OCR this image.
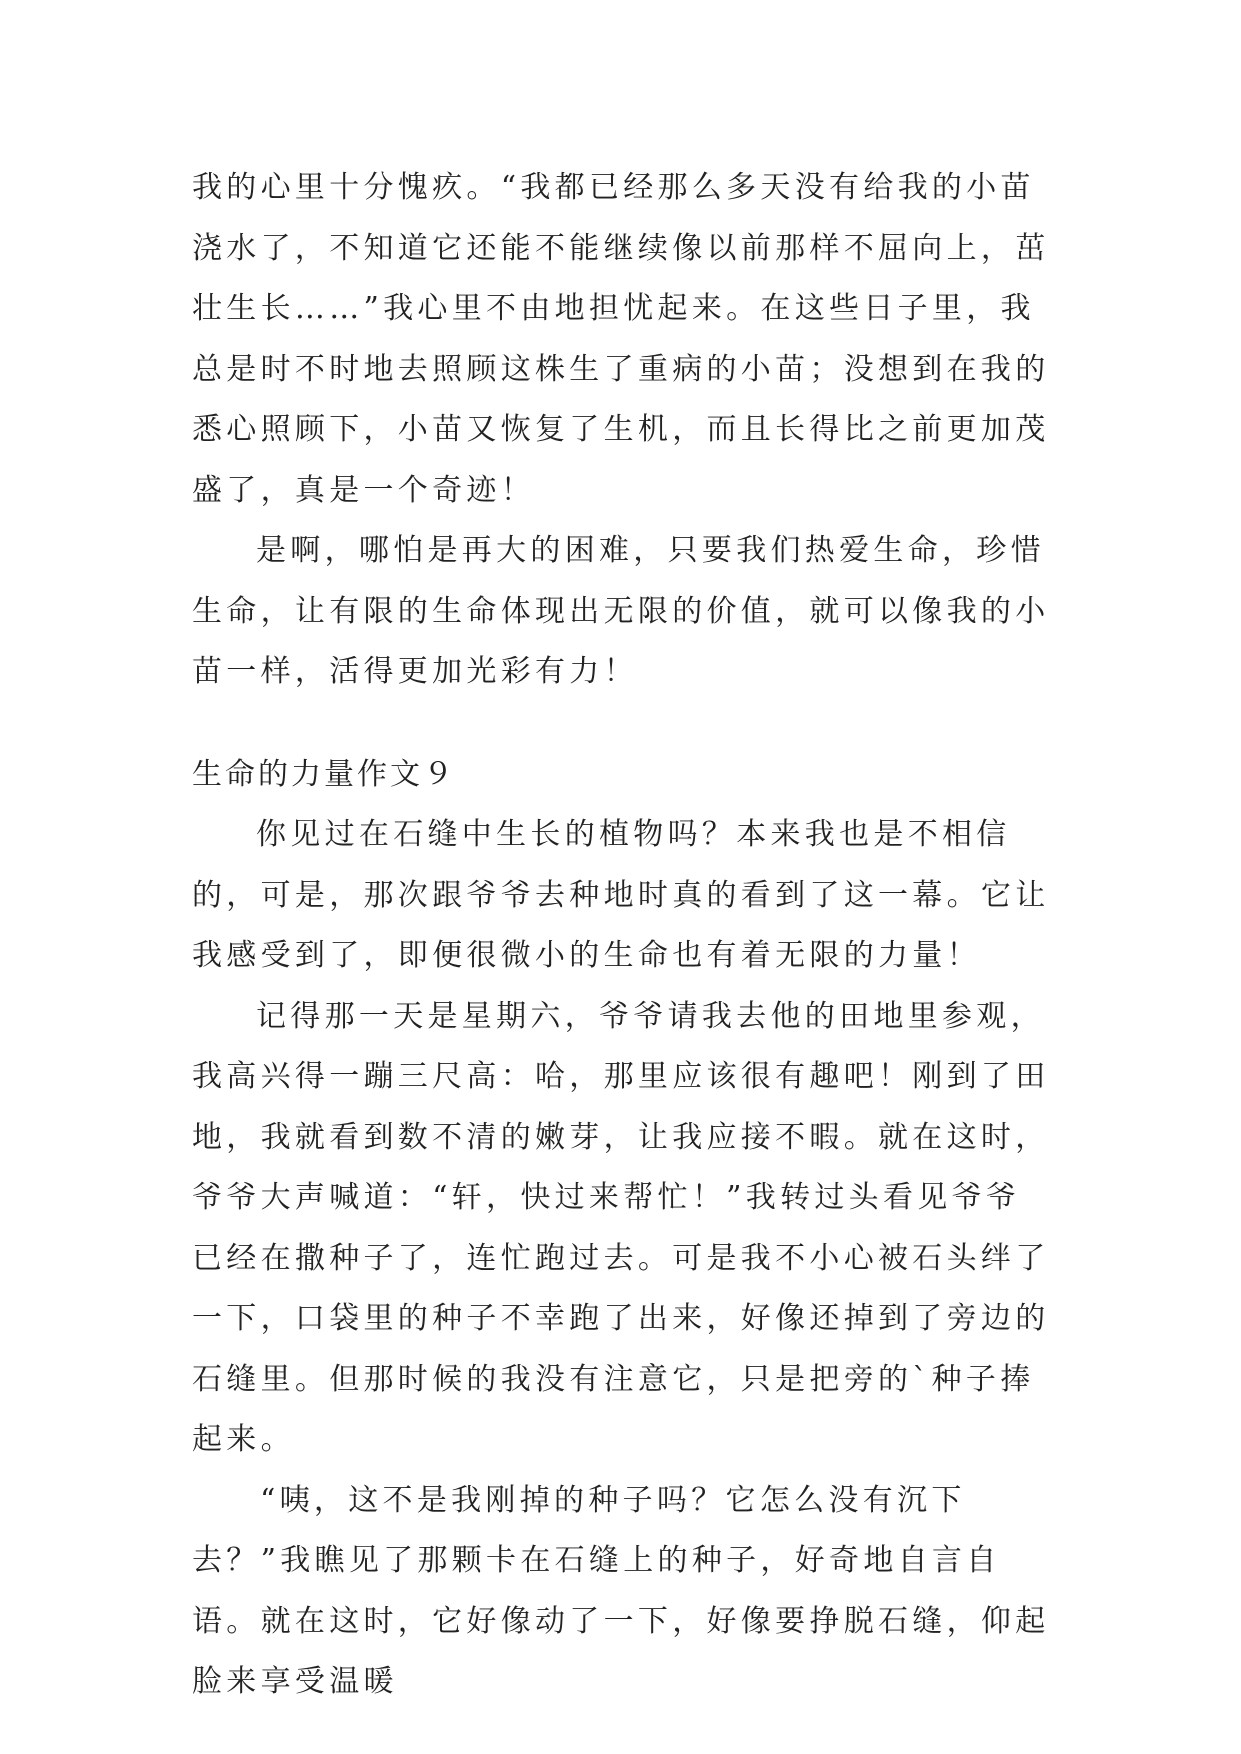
我的心里十分愧疚。“我都已经那么多天没有给我的小苗浇水了，不知道它还能不能继续像以前那样不屈向上，茁壮生长……”我心里不由地担忧起来。在这些日子里，我总是时不时地去照顾这株生了重病的小苗；没想到在我的悉心照顾下，小苗又恢复了生机，而且长得比之前更加茂盛了，真是一个奇迹！

是啊，哪怕是再大的困难，只要我们热爱生命，珍惜生命，让有限的生命体现出无限的价值，就可以像我的小苗一样，活得更加光彩有力！

生命的力量作文９

你见过在石缝中生长的植物吗？本来我也是不相信的，可是，那次跟爷爷去种地时真的看到了这一幕。它让我感受到了，即便很微小的生命也有着无限的力量！

记得那一天是星期六，爷爷请我去他的田地里参观，我高兴得一蹦三尺高：哈，那里应该很有趣吧！刚到了田地，我就看到数不清的嫩芽，让我应接不暇。就在这时，爷爷大声喊道：“轩，快过来帮忙！”我转过头看见爷爷已经在撒种子了，连忙跑过去。可是我不小心被石头绊了一下，口袋里的种子不幸跑了出来，好像还掉到了旁边的石缝里。但那时候的我没有注意它，只是把旁的`种子捧起来。

“咦，这不是我刚掉的种子吗？它怎么没有沉下去？”我瞧见了那颗卡在石缝上的种子，好奇地自言自语。就在这时，它好像动了一下，好像要挣脱石缝，仰起脸来享受温暖
